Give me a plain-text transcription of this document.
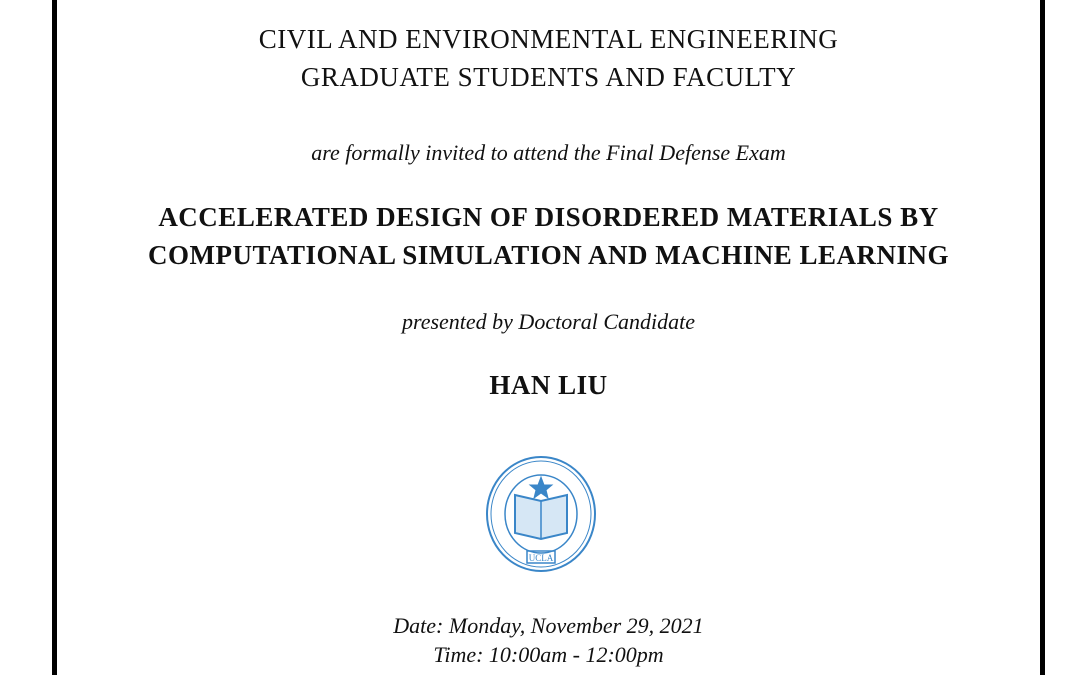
CIVIL AND ENVIRONMENTAL ENGINEERING
GRADUATE STUDENTS AND FACULTY
are formally invited to attend the Final Defense Exam
ACCELERATED DESIGN OF DISORDERED MATERIALS BY
COMPUTATIONAL SIMULATION AND MACHINE LEARNING
presented by Doctoral Candidate
HAN LIU
UCLA
Date: Monday, November 29, 2021
Time: 10:00am - 12:00pm
